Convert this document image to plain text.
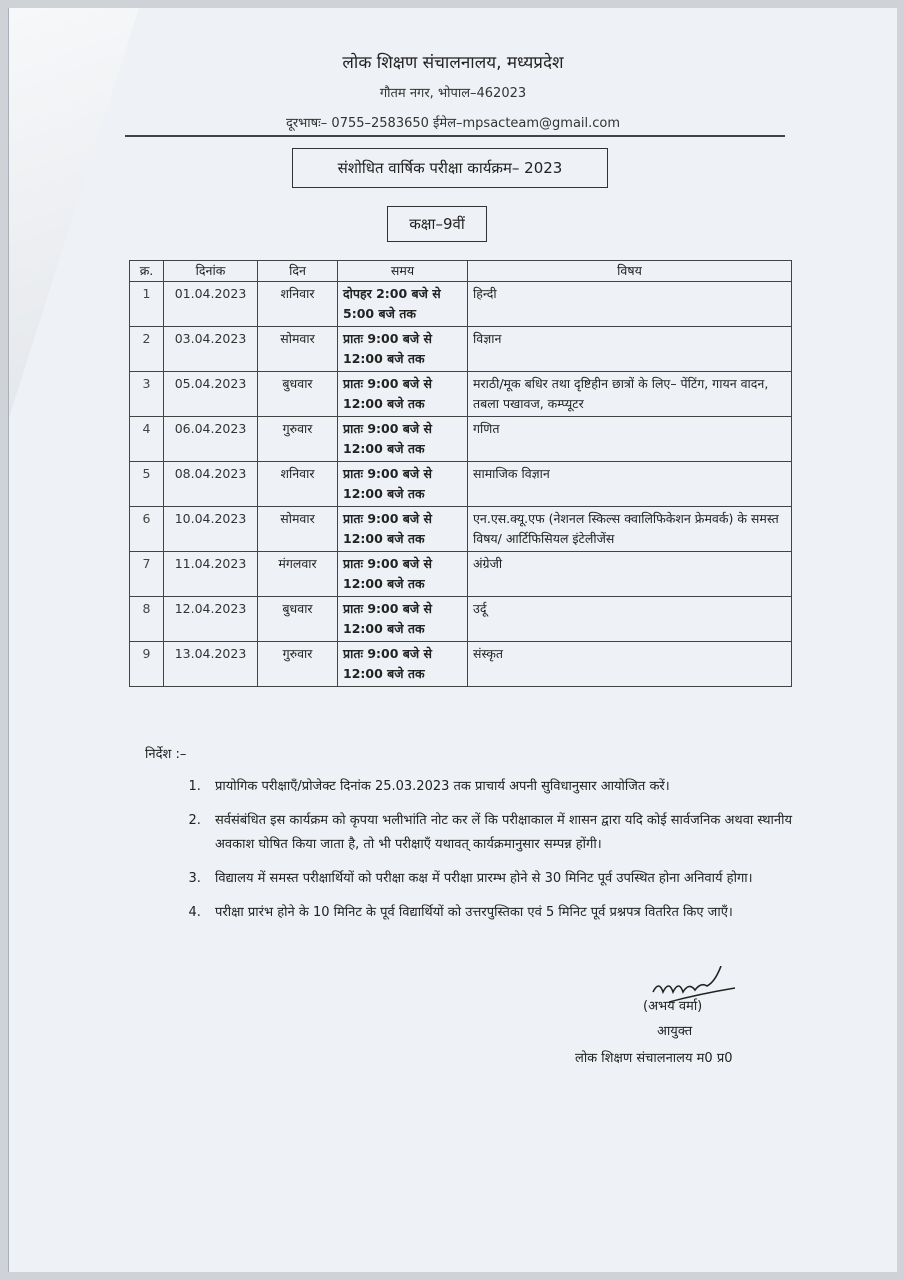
लोक शिक्षण संचालनालय, मध्यप्रदेश
गौतम नगर, भोपाल–462023
दूरभाषः– 0755–2583650 ईमेल–mpsacteam@gmail.com
संशोधित वार्षिक परीक्षा कार्यक्रम– 2023
कक्षा–9वीं
क्र.	दिनांक	दिन	समय	विषय
1	01.04.2023	शनिवार	दोपहर 2:00 बजे से 5:00 बजे तक	हिन्दी
2	03.04.2023	सोमवार	प्रातः 9:00 बजे से 12:00 बजे तक	विज्ञान
3	05.04.2023	बुधवार	प्रातः 9:00 बजे से 12:00 बजे तक	मराठी/मूक बधिर तथा दृष्टिहीन छात्रों के लिए– पेंटिंग, गायन वादन, तबला पखावज, कम्प्यूटर
4	06.04.2023	गुरुवार	प्रातः 9:00 बजे से 12:00 बजे तक	गणित
5	08.04.2023	शनिवार	प्रातः 9:00 बजे से 12:00 बजे तक	सामाजिक विज्ञान
6	10.04.2023	सोमवार	प्रातः 9:00 बजे से 12:00 बजे तक	एन.एस.क्यू.एफ (नेशनल स्किल्स क्वालिफिकेशन फ्रेमवर्क) के समस्त विषय/ आर्टिफिसियल इंटेलीजेंस
7	11.04.2023	मंगलवार	प्रातः 9:00 बजे से 12:00 बजे तक	अंग्रेजी
8	12.04.2023	बुधवार	प्रातः 9:00 बजे से 12:00 बजे तक	उर्दू
9	13.04.2023	गुरुवार	प्रातः 9:00 बजे से 12:00 बजे तक	संस्कृत
निर्देश :–
1. प्रायोगिक परीक्षाएँ/प्रोजेक्ट दिनांक 25.03.2023 तक प्राचार्य अपनी सुविधानुसार आयोजित करें।
2. सर्वसंबंधित इस कार्यक्रम को कृपया भलीभांति नोट कर लें कि परीक्षाकाल में शासन द्वारा यदि कोई सार्वजनिक अथवा स्थानीय अवकाश घोषित किया जाता है, तो भी परीक्षाएँ यथावत् कार्यक्रमानुसार सम्पन्न होंगी।
3. विद्यालय में समस्त परीक्षार्थियों को परीक्षा कक्ष में परीक्षा प्रारम्भ होने से 30 मिनिट पूर्व उपस्थित होना अनिवार्य होगा।
4. परीक्षा प्रारंभ होने के 10 मिनिट के पूर्व विद्यार्थियों को उत्तरपुस्तिका एवं 5 मिनिट पूर्व प्रश्नपत्र वितरित किए जाएँ।
(अभय वर्मा)
आयुक्त
लोक शिक्षण संचालनालय म0 प्र0
